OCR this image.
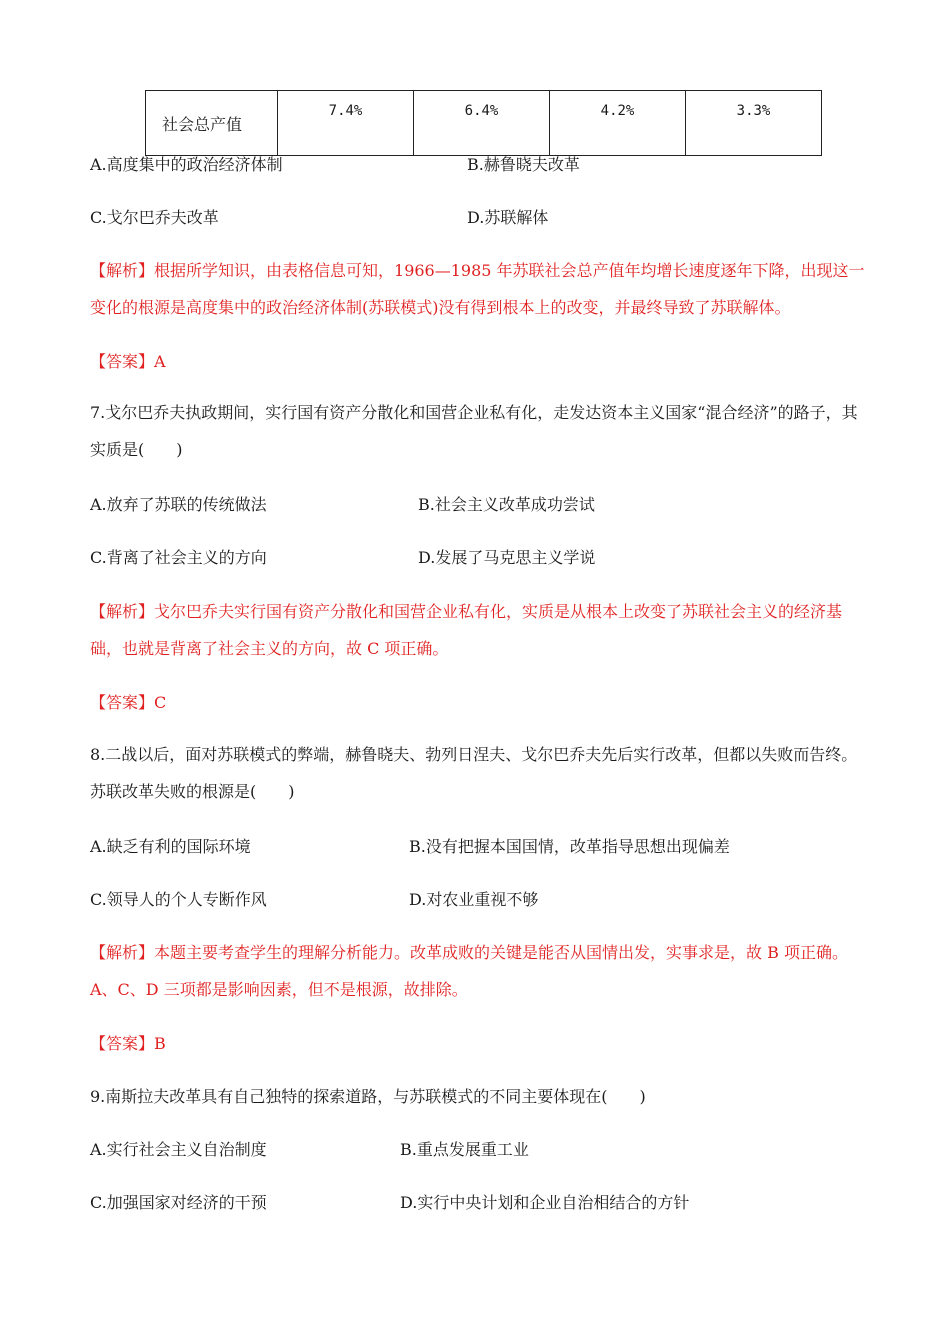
社会总产值	7.4%	6.4%	4.2%	3.3%
A.高度集中的政治经济体制	B.赫鲁晓夫改革
C.戈尔巴乔夫改革	D.苏联解体
【解析】根据所学知识，由表格信息可知，1966—1985 年苏联社会总产值年均增长速度逐年下降，出现这一变化的根源是高度集中的政治经济体制(苏联模式)没有得到根本上的改变，并最终导致了苏联解体。
【答案】A
7.戈尔巴乔夫执政期间，实行国有资产分散化和国营企业私有化，走发达资本主义国家“混合经济”的路子，其实质是(　　)
A.放弃了苏联的传统做法	B.社会主义改革成功尝试
C.背离了社会主义的方向	D.发展了马克思主义学说
【解析】戈尔巴乔夫实行国有资产分散化和国营企业私有化，实质是从根本上改变了苏联社会主义的经济基础，也就是背离了社会主义的方向，故 C 项正确。
【答案】C
8.二战以后，面对苏联模式的弊端，赫鲁晓夫、勃列日涅夫、戈尔巴乔夫先后实行改革，但都以失败而告终。苏联改革失败的根源是(　　)
A.缺乏有利的国际环境	B.没有把握本国国情，改革指导思想出现偏差
C.领导人的个人专断作风	D.对农业重视不够
【解析】本题主要考查学生的理解分析能力。改革成败的关键是能否从国情出发，实事求是，故 B 项正确。A、C、D 三项都是影响因素，但不是根源，故排除。
【答案】B
9.南斯拉夫改革具有自己独特的探索道路，与苏联模式的不同主要体现在(　　)
A.实行社会主义自治制度	B.重点发展重工业
C.加强国家对经济的干预	D.实行中央计划和企业自治相结合的方针
